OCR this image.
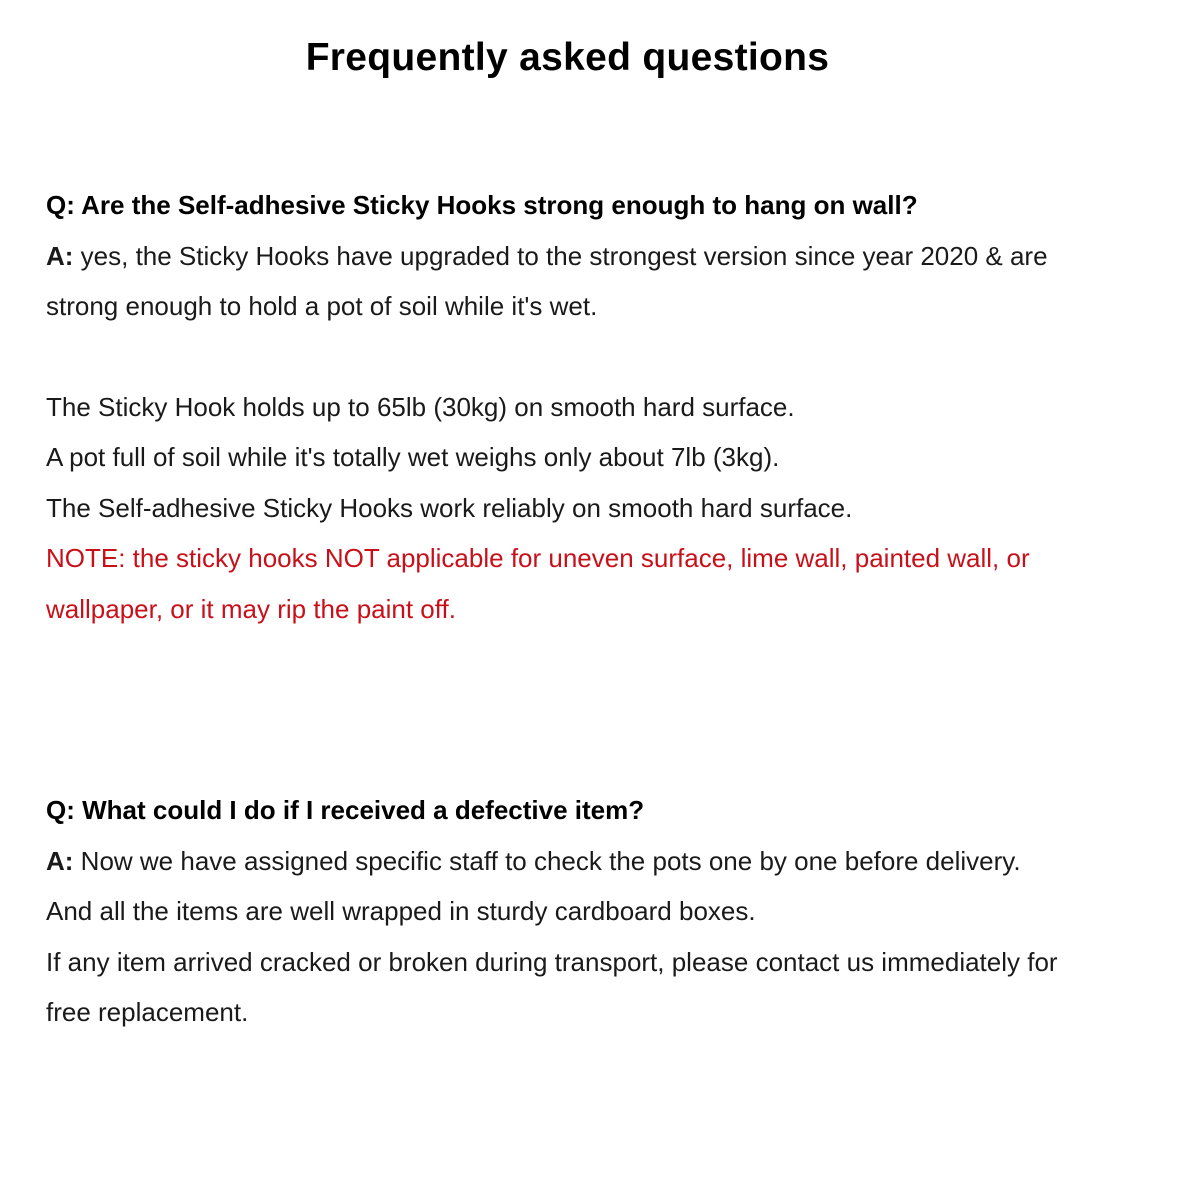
Frequently asked questions

Q: Are the Self-adhesive Sticky Hooks strong enough to hang on wall?

A: yes, the Sticky Hooks have upgraded to the strongest version since year 2020 & are

strong enough to hold a pot of soil while it's wet.

The Sticky Hook holds up to 65lb (30kg) on smooth hard surface.

A pot full of soil while it's totally wet weighs only about 7lb (3kg).

The Self-adhesive Sticky Hooks work reliably on smooth hard surface.

NOTE: the sticky hooks NOT applicable for uneven surface, lime wall, painted wall, or

wallpaper, or it may rip the paint off.

Q: What could I do if I received a defective item?

A: Now we have assigned specific staff to check the pots one by one before delivery.

And all the items are well wrapped in sturdy cardboard boxes.

If any item arrived cracked or broken during transport, please contact us immediately for

free replacement.
